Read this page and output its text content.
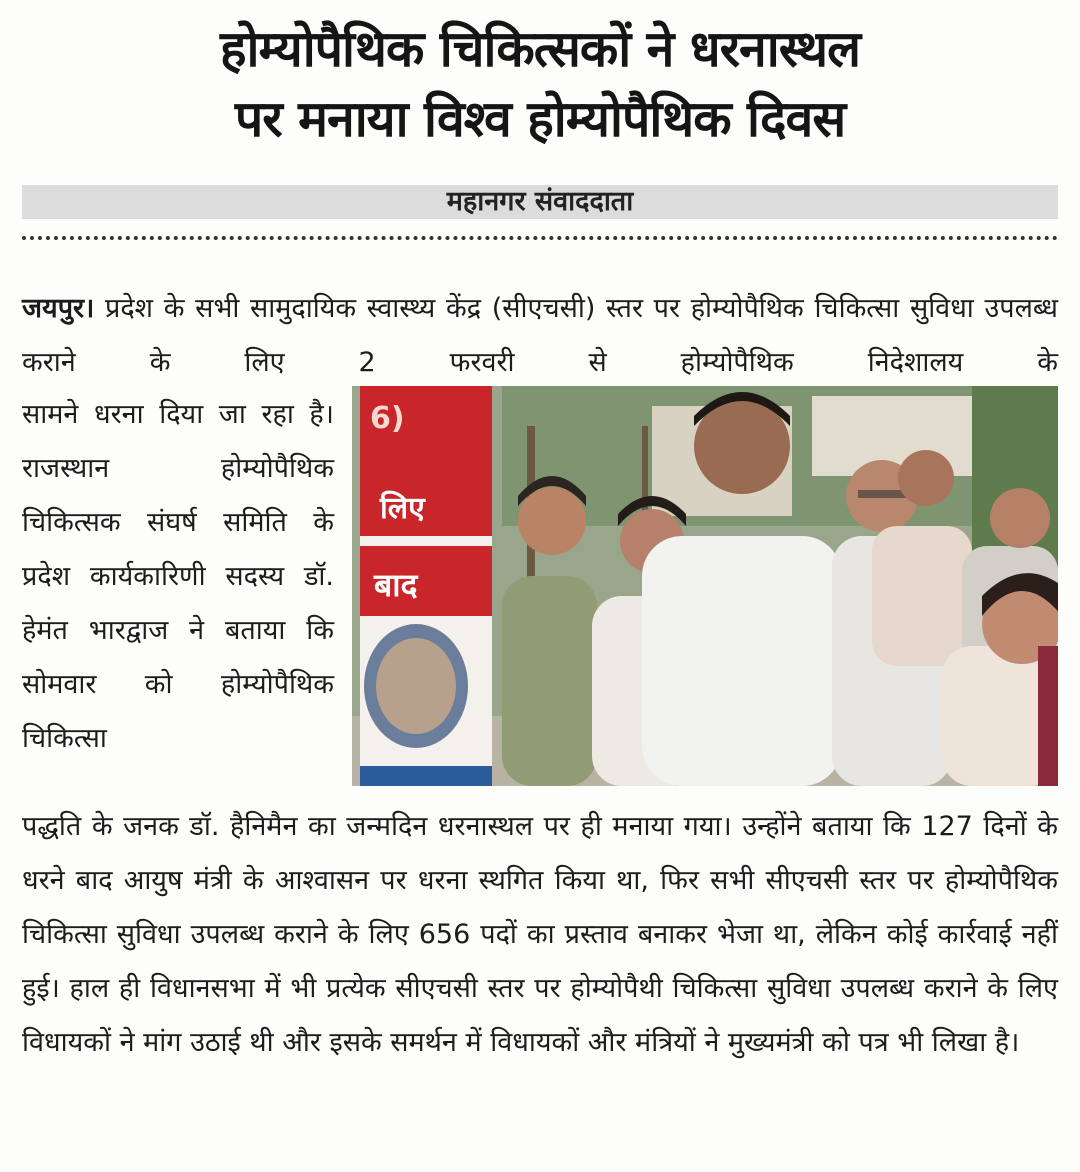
होम्योपैथिक चिकित्सकों ने धरनास्थल
पर मनाया विश्व होम्योपैथिक दिवस
महानगर संवाददाता
जयपुर। प्रदेश के सभी सामुदायिक स्वास्थ्य केंद्र (सीएचसी) स्तर पर होम्योपैथिक चिकित्सा सुविधा उपलब्ध कराने के लिए 2 फरवरी से होम्योपैथिक निदेशालय के
सामने धरना दिया जा रहा है। राजस्थान होम्योपैथिक चिकित्सक संघर्ष समिति के प्रदेश कार्यकारिणी सदस्य डॉ. हेमंत भारद्वाज ने बताया कि सोमवार को होम्योपैथिक चिकित्सा
6)
लिए
बाद
पद्धति के जनक डॉ. हैनिमैन का जन्मदिन धरनास्थल पर ही मनाया गया। उन्होंने बताया कि 127 दिनों के धरने बाद आयुष मंत्री के आश्वासन पर धरना स्थगित किया था, फिर सभी सीएचसी स्तर पर होम्योपैथिक चिकित्सा सुविधा उपलब्ध कराने के लिए 656 पदों का प्रस्ताव बनाकर भेजा था, लेकिन कोई कार्रवाई नहीं हुई। हाल ही विधानसभा में भी प्रत्येक सीएचसी स्तर पर होम्योपैथी चिकित्सा सुविधा उपलब्ध कराने के लिए विधायकों ने मांग उठाई थी और इसके समर्थन में विधायकों और मंत्रियों ने मुख्यमंत्री को पत्र भी लिखा है।
